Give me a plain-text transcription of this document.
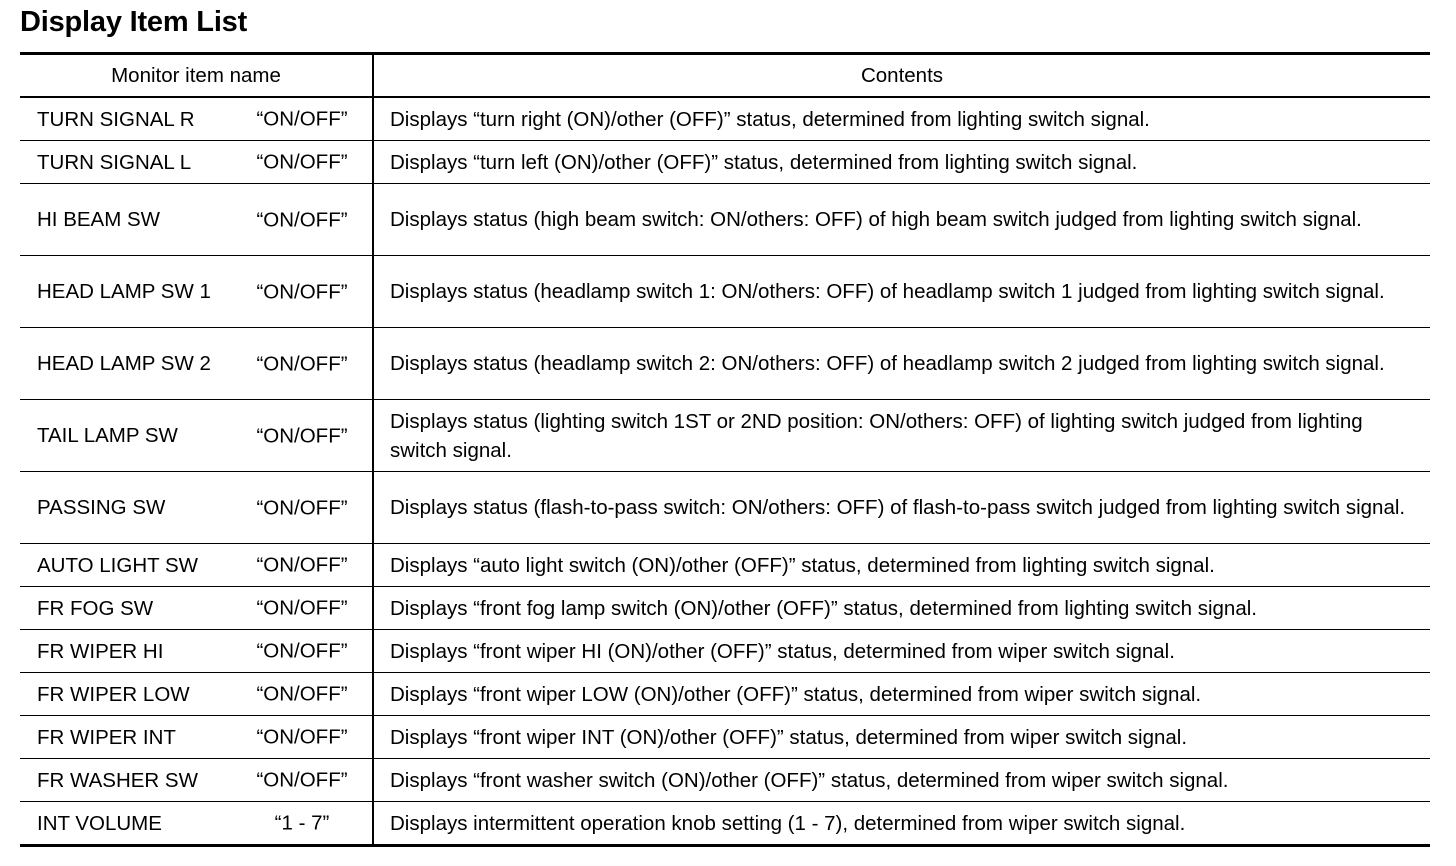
Display Item List
Monitor item name	Contents
TURN SIGNAL R “ON/OFF”	Displays “turn right (ON)/other (OFF)” status, determined from lighting switch signal.
TURN SIGNAL L “ON/OFF”	Displays “turn left (ON)/other (OFF)” status, determined from lighting switch signal.
HI BEAM SW “ON/OFF”	Displays status (high beam switch: ON/others: OFF) of high beam switch judged from lighting switch signal.
HEAD LAMP SW 1 “ON/OFF”	Displays status (headlamp switch 1: ON/others: OFF) of headlamp switch 1 judged from lighting switch signal.
HEAD LAMP SW 2 “ON/OFF”	Displays status (headlamp switch 2: ON/others: OFF) of headlamp switch 2 judged from lighting switch signal.
TAIL LAMP SW “ON/OFF”	Displays status (lighting switch 1ST or 2ND position: ON/others: OFF) of lighting switch judged from lighting switch signal.
PASSING SW “ON/OFF”	Displays status (flash-to-pass switch: ON/others: OFF) of flash-to-pass switch judged from lighting switch signal.
AUTO LIGHT SW “ON/OFF”	Displays “auto light switch (ON)/other (OFF)” status, determined from lighting switch signal.
FR FOG SW “ON/OFF”	Displays “front fog lamp switch (ON)/other (OFF)” status, determined from lighting switch signal.
FR WIPER HI “ON/OFF”	Displays “front wiper HI (ON)/other (OFF)” status, determined from wiper switch signal.
FR WIPER LOW “ON/OFF”	Displays “front wiper LOW (ON)/other (OFF)” status, determined from wiper switch signal.
FR WIPER INT “ON/OFF”	Displays “front wiper INT (ON)/other (OFF)” status, determined from wiper switch signal.
FR WASHER SW “ON/OFF”	Displays “front washer switch (ON)/other (OFF)” status, determined from wiper switch signal.
INT VOLUME “1 - 7”	Displays intermittent operation knob setting (1 - 7), determined from wiper switch signal.
